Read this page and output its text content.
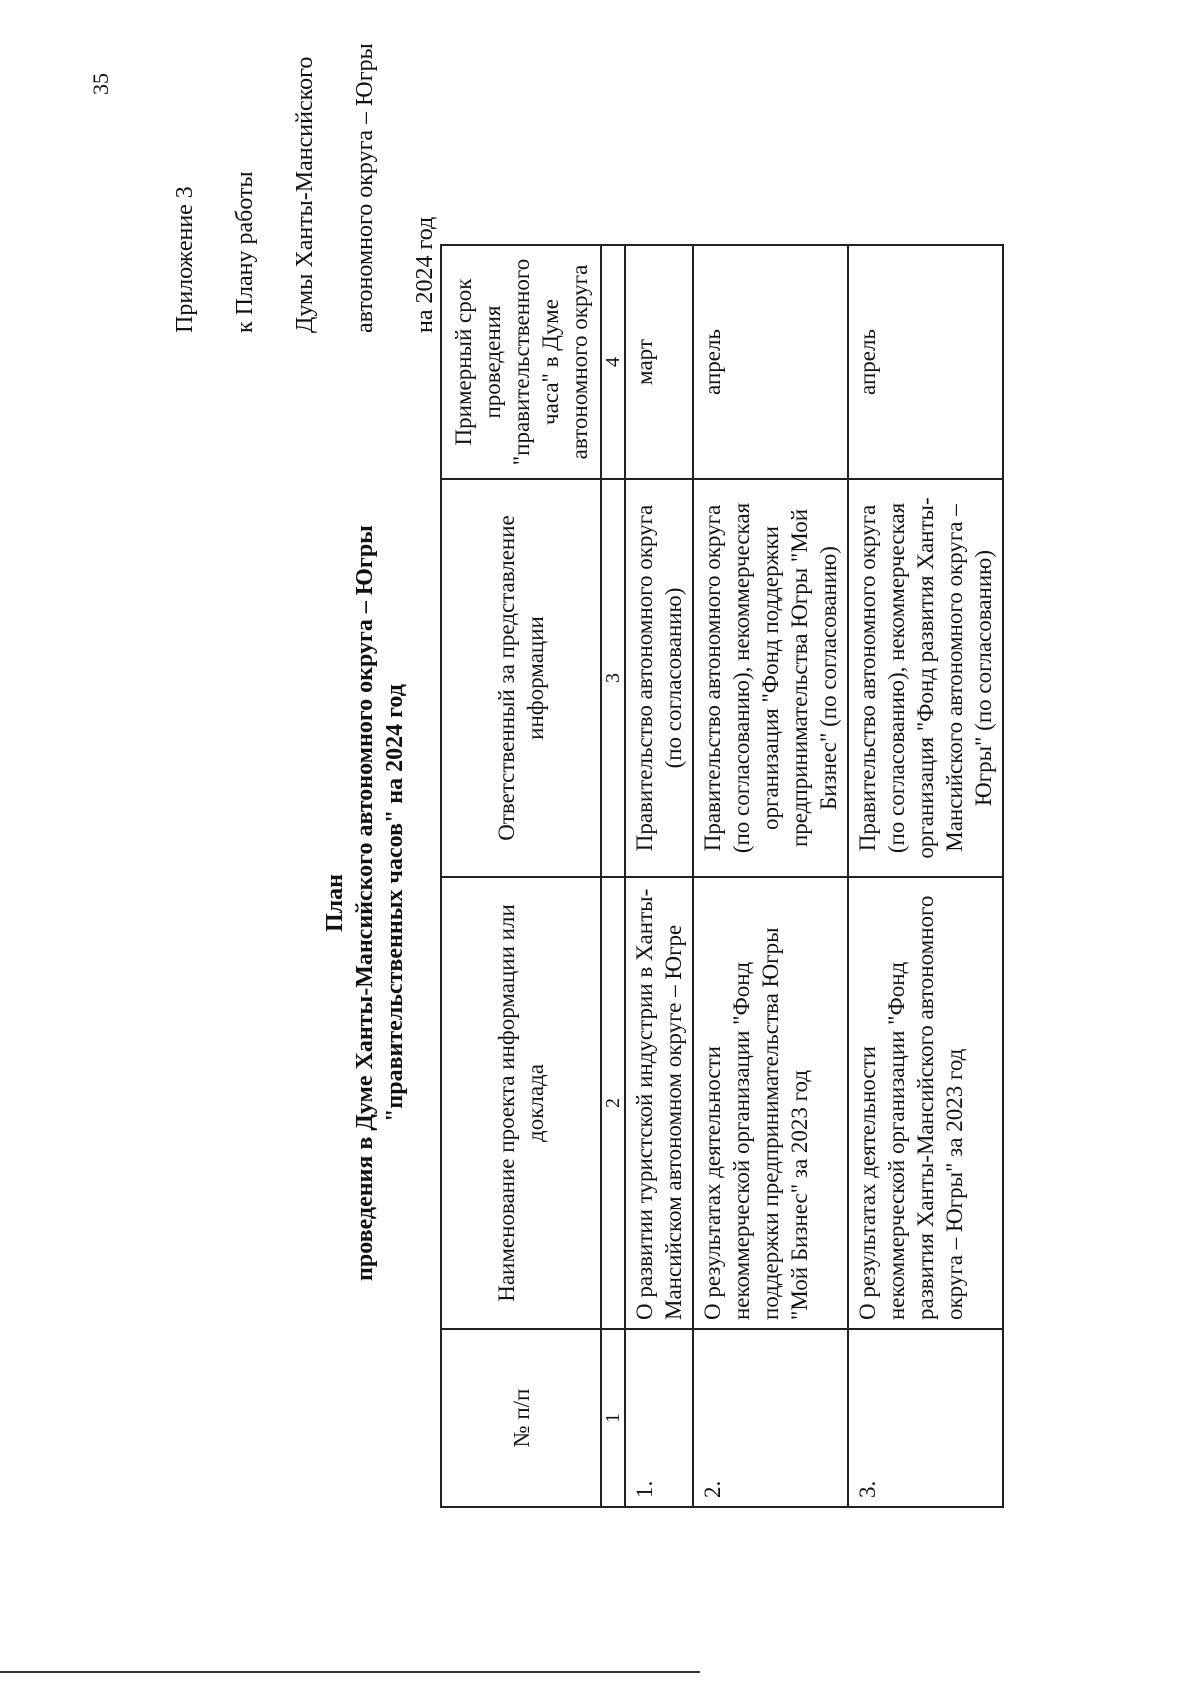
35

Приложение 3 к Плану работы Думы Ханты-Мансийского автономного округа – Югры на 2024 год

План проведения в Думе Ханты-Мансийского автономного округа – Югры "правительственных часов" на 2024 год
№ п/п	Наименование проекта информации или доклада	Ответственный за представление информации	Примерный срок проведения "правительственного часа" в Думе автономного округа
1	2	3	4
1.	О развитии туристской индустрии в Ханты-Мансийском автономном округе – Югре	Правительство автономного округа (по согласованию)	март
2.	О результатах деятельности некоммерческой организации "Фонд поддержки предпринимательства Югры "Мой Бизнес" за 2023 год	Правительство автономного округа (по согласованию), некоммерческая организация "Фонд поддержки предпринимательства Югры "Мой Бизнес" (по согласованию)	апрель
3.	О результатах деятельности некоммерческой организации "Фонд развития Ханты-Мансийского автономного округа – Югры" за 2023 год	Правительство автономного округа (по согласованию), некоммерческая организация "Фонд развития Ханты-Мансийского автономного округа – Югры" (по согласованию)	апрель
